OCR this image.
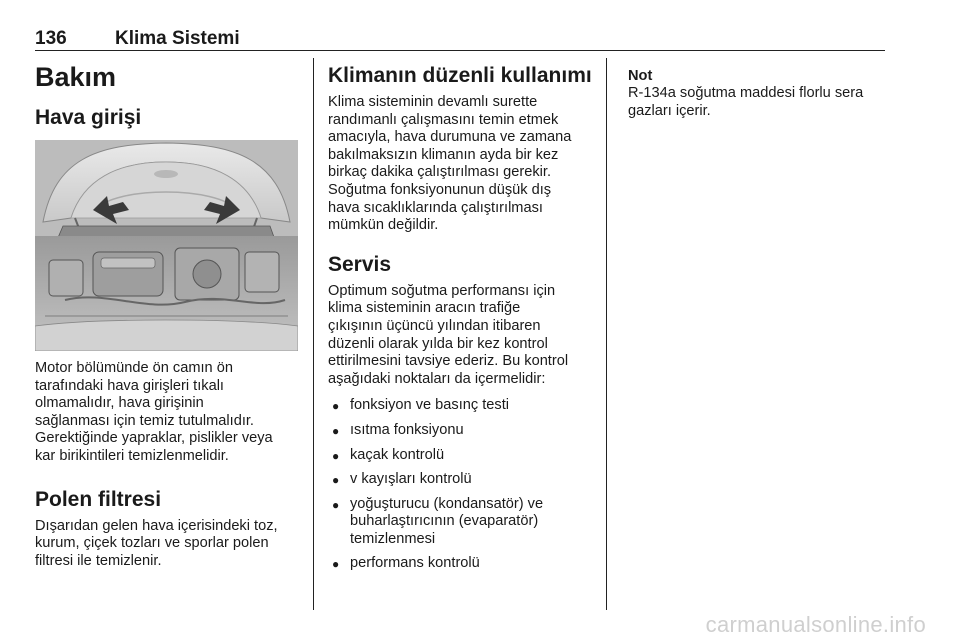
136	Klima Sistemi
Bakım
Hava girişi

Motor bölümünde ön camın ön

tarafındaki hava girişleri tıkalı

olmamalıdır, hava girişinin

sağlanması için temiz tutulmalıdır.

Gerektiğinde yapraklar, pislikler veya

kar birikintileri temizlenmelidir.

Polen filtresi

Dışarıdan gelen hava içerisindeki toz,

kurum, çiçek tozları ve sporlar polen

filtresi ile temizlenir.

Klimanın düzenli kullanımı

Klima sisteminin devamlı surette

randımanlı çalışmasını temin etmek

amacıyla, hava durumuna ve zamana

bakılmaksızın klimanın ayda bir kez

birkaç dakika çalıştırılması gerekir.

Soğutma fonksiyonunun düşük dış

hava sıcaklıklarında çalıştırılması

mümkün değildir.

Servis

Optimum soğutma performansı için

klima sisteminin aracın trafiğe

çıkışının üçüncü yılından itibaren

düzenli olarak yılda bir kez kontrol

ettirilmesini tavsiye ederiz. Bu kontrol

aşağıdaki noktaları da içermelidir:

● fonksiyon ve basınç testi
● ısıtma fonksiyonu
● kaçak kontrolü
● v kayışları kontrolü
● yoğuşturucu (kondansatör) ve
buharlaştırıcının (evaparatör)
temizlenmesi
● performans kontrolü
Not

R-134a soğutma maddesi florlu sera

gazları içerir.

carmanualsonline.info
